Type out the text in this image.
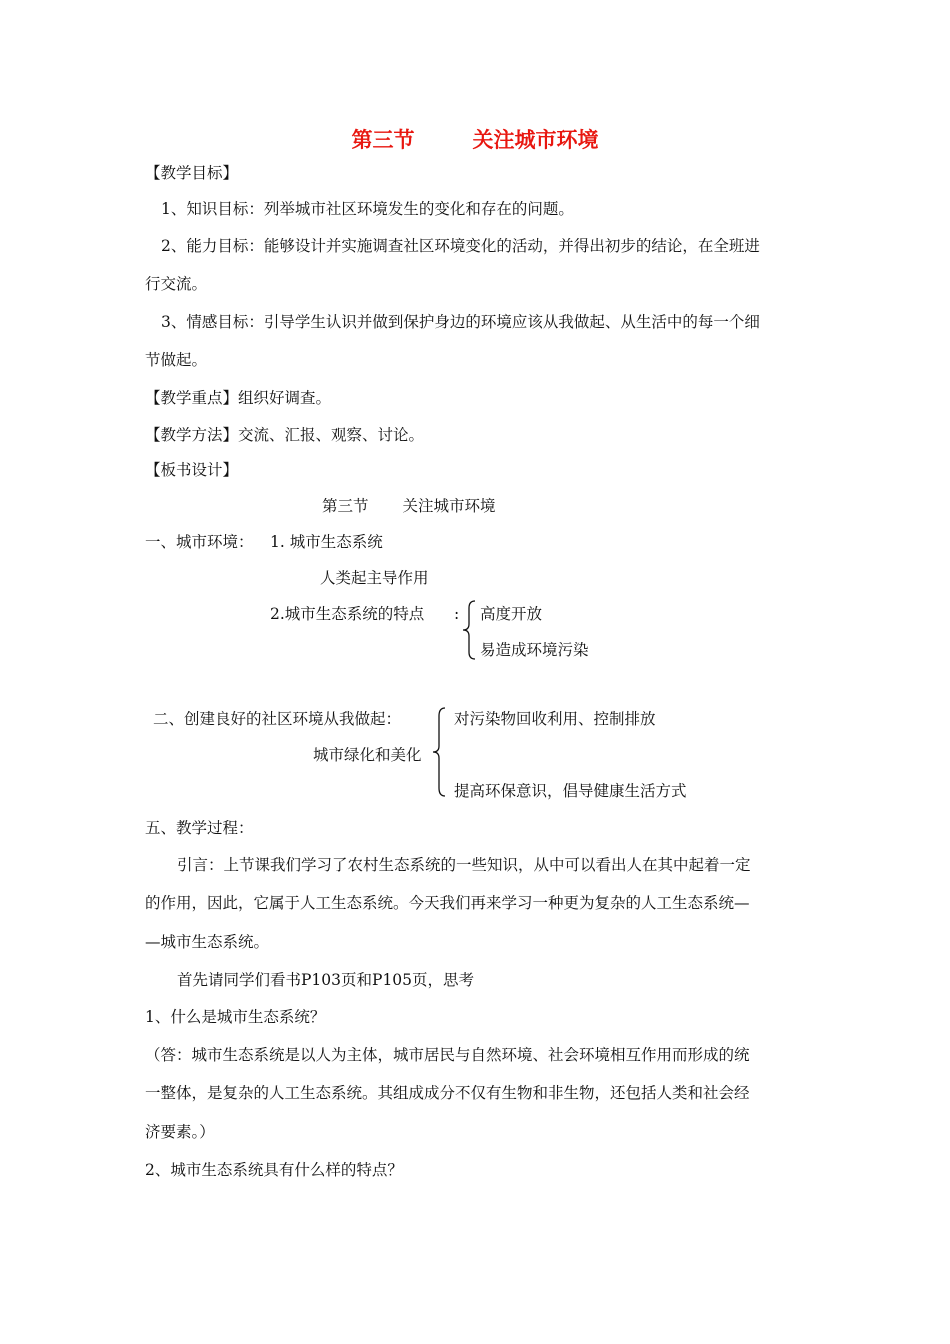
第三节	关注城市环境
【教学目标】
1、知识目标：列举城市社区环境发生的变化和存在的问题。
2、能力目标：能够设计并实施调查社区环境变化的活动，并得出初步的结论，在全班进
行交流。
3、情感目标：引导学生认识并做到保护身边的环境应该从我做起、从生活中的每一个细
节做起。
【教学重点】组织好调查。
【教学方法】交流、汇报、观察、讨论。
【板书设计】
第三节 关注城市环境
一、城市环境： 1. 城市生态系统
人类起主导作用
2.城市生态系统的特点 : 高度开放
易造成环境污染
二、创建良好的社区环境从我做起：
城市绿化和美化
对污染物回收利用、控制排放
提高环保意识，倡导健康生活方式
五、教学过程：
引言：上节课我们学习了农村生态系统的一些知识，从中可以看出人在其中起着一定
的作用，因此，它属于人工生态系统。今天我们再来学习一种更为复杂的人工生态系统—
—城市生态系统。
首先请同学们看书P103页和P105页，思考
1、什么是城市生态系统？
（答：城市生态系统是以人为主体，城市居民与自然环境、社会环境相互作用而形成的统
一整体，是复杂的人工生态系统。其组成成分不仅有生物和非生物，还包括人类和社会经
济要素。）
2、城市生态系统具有什么样的特点？
